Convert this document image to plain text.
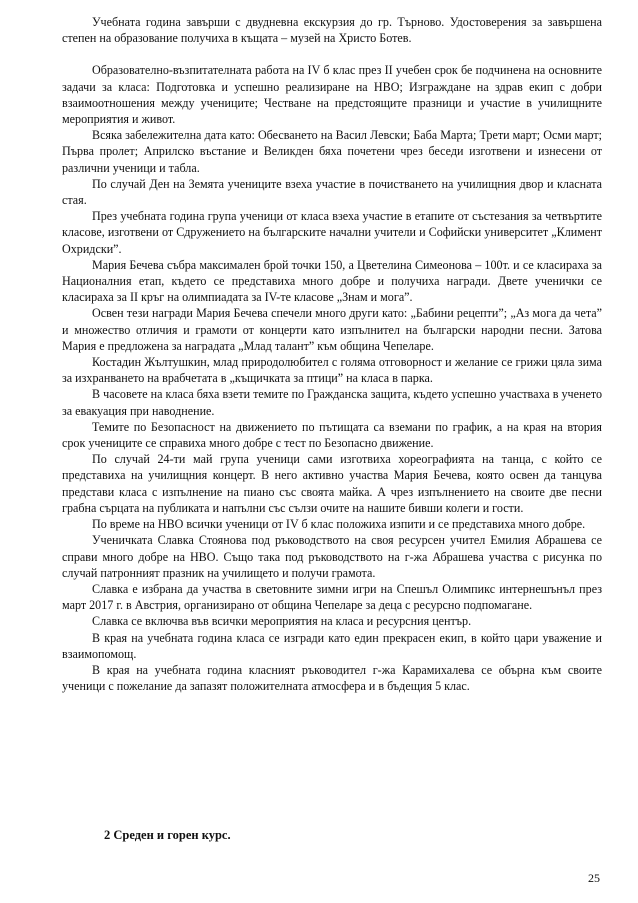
Учебната година завърши с двудневна екскурзия до гр. Търново. Удостоверения за завършена степен на образование получиха в къщата – музей на Христо Ботев.

Образователно-възпитателната работа на IV б клас през II учебен срок бе подчинена на основните задачи за класа: Подготовка и успешно реализиране на НВО; Изграждане на здрав екип с добри взаимоотношения между учениците; Честване на предстоящите празници и участие в училищните мероприятия и живот.

Всяка забележителна дата като: Обесването на Васил Левски; Баба Марта; Трети март; Осми март; Първа пролет; Априлско въстание и Великден бяха почетени чрез беседи изготвени и изнесени от различни ученици и табла.

По случай Ден на Земята учениците взеха участие в почистването на училищния двор и класната стая.

През учебната година група ученици от класа взеха участие в етапите от състезания за четвъртите класове, изготвени от Сдружението на българските начални учители и Софийски университет „Климент Охридски”.

Мария Бечева събра максимален брой точки 150, а Цветелина Симеонова – 100т. и се класираха за Националния етап, където се представиха много добре и получиха награди. Двете ученички се класираха за II кръг на олимпиадата за IV-те класове „Знам и мога”.

Освен тези награди Мария Бечева спечели много други като: „Бабини рецепти”; „Аз мога да чета” и множество отличия и грамоти от концерти като изпълнител на български народни песни. Затова Мария е предложена за наградата „Млад талант” към община Чепеларе.

Костадин Жълтушкин, млад природолюбител с голяма отговорност и желание се грижи цяла зима за изхранването на врабчетата в „къщичката за птици” на класа в парка.

В часовете на класа бяха взети темите по Гражданска защита, където успешно участваха в ученето за евакуация при наводнение.

Темите по Безопасност на движението по пътищата са вземани по график, а на края на втория срок учениците се справиха много добре с тест по Безопасно движение.

По случай 24-ти май група ученици сами изготвиха хореографията на танца, с който се представиха на училищния концерт. В него активно участва Мария Бечева, която освен да танцува представи класа с изпълнение на пиано със своята майка. А чрез изпълнението на своите две песни грабна сърцата на публиката и напълни със сълзи очите на нашите бивши колеги и гости.

По време на НВО всички ученици от IV б клас положиха изпити и се представиха много добре.

Ученичката Славка Стоянова под ръководството на своя ресурсен учител Емилия Абрашева се справи много добре на НВО. Също така под ръководството на г-жа Абрашева участва с рисунка по случай патронният празник на училището и получи грамота.

Славка е избрана да участва в световните зимни игри на Спешъл Олимпикс интернешънъл през март 2017 г. в Австрия, организирано от община Чепеларе за деца с ресурсно подпомагане.

Славка се включва във всички мероприятия на класа и ресурсния център.

В края на учебната година класа се изгради като един прекрасен екип, в който цари уважение и взаимопомощ.

В края на учебната година класният ръководител г-жа Карамихалева се обърна към своите ученици с пожелание да запазят положителната атмосфера и в бъдещия 5 клас.

2 Среден и горен курс.
25
